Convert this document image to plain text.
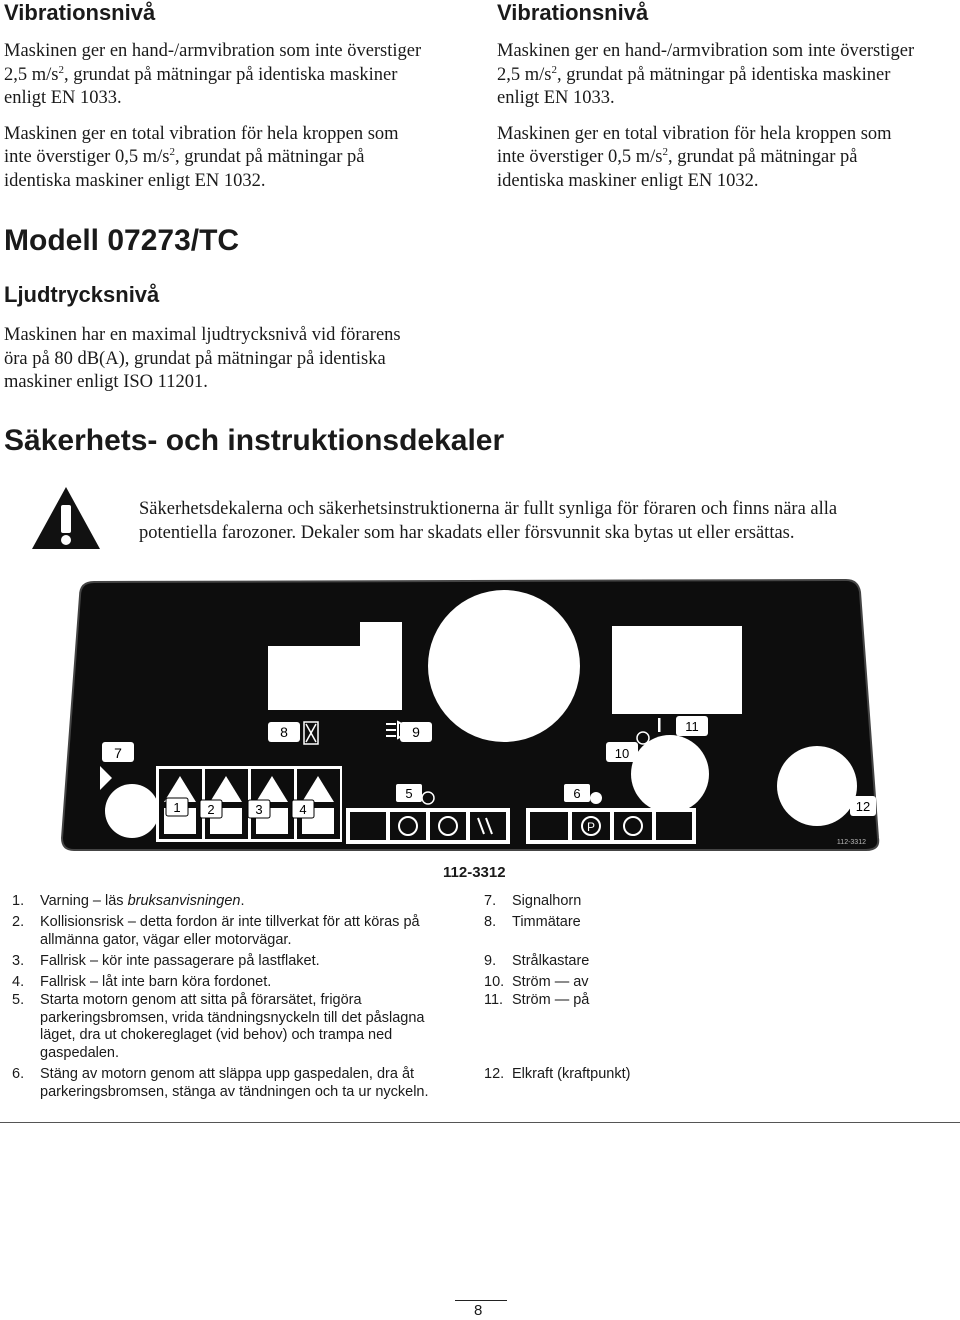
Vibrationsnivå

Maskinen ger en hand-/armvibration som inte överstiger
2,5 $m/s^2$, grundat på mätningar på identiska maskiner
enligt EN 1033.

Maskinen ger en total vibration för hela kroppen som
inte överstiger 0,5 $m/s^2$, grundat på mätningar på
identiska maskiner enligt EN 1032.

Vibrationsnivå

Maskinen ger en hand-/armvibration som inte överstiger
2,5 $m/s^2$, grundat på mätningar på identiska maskiner
enligt EN 1033.

Maskinen ger en total vibration för hela kroppen som
inte överstiger 0,5 $m/s^2$, grundat på mätningar på
identiska maskiner enligt EN 1032.

Modell 07273/TC
Ljudtrycksnivå

Maskinen har en maximal ljudtrycksnivå vid förarens
öra på 80 dB(A), grundat på mätningar på identiska
maskiner enligt ISO 11201.

Säkerhets- och instruktionsdekaler

Säkerhetsdekalerna och säkerhetsinstruktionerna är fullt synliga för föraren och finns nära alla
potentiella farozoner. Dekaler som har skadats eller försvunnit ska bytas ut eller ersättas.

7
8	9
10
11
12
1 2	3	4
5	6
P
112-3312
112-3312
1.	Varning – läs bruksanvisningen.
2.	Kollisionsrisk – detta fordon är inte tillverkat för att köras på
allmänna gator, vägar eller motorvägar.
3.	Fallrisk – kör inte passagerare på lastflaket.
4.	Fallrisk – låt inte barn köra fordonet.
5.	Starta motorn genom att sitta på förarsätet, frigöra
parkeringsbromsen, vrida tändningsnyckeln till det påslagna
läget, dra ut chokereglaget (vid behov) och trampa ned
gaspedalen.
6.	Stäng av motorn genom att släppa upp gaspedalen, dra åt
parkeringsbromsen, stänga av tändningen och ta ur nyckeln.
7.	Signalhorn
8.	Timmätare
9.	Strålkastare
10. Ström — av
11. Ström — på
12. Elkraft (kraftpunkt)
8
